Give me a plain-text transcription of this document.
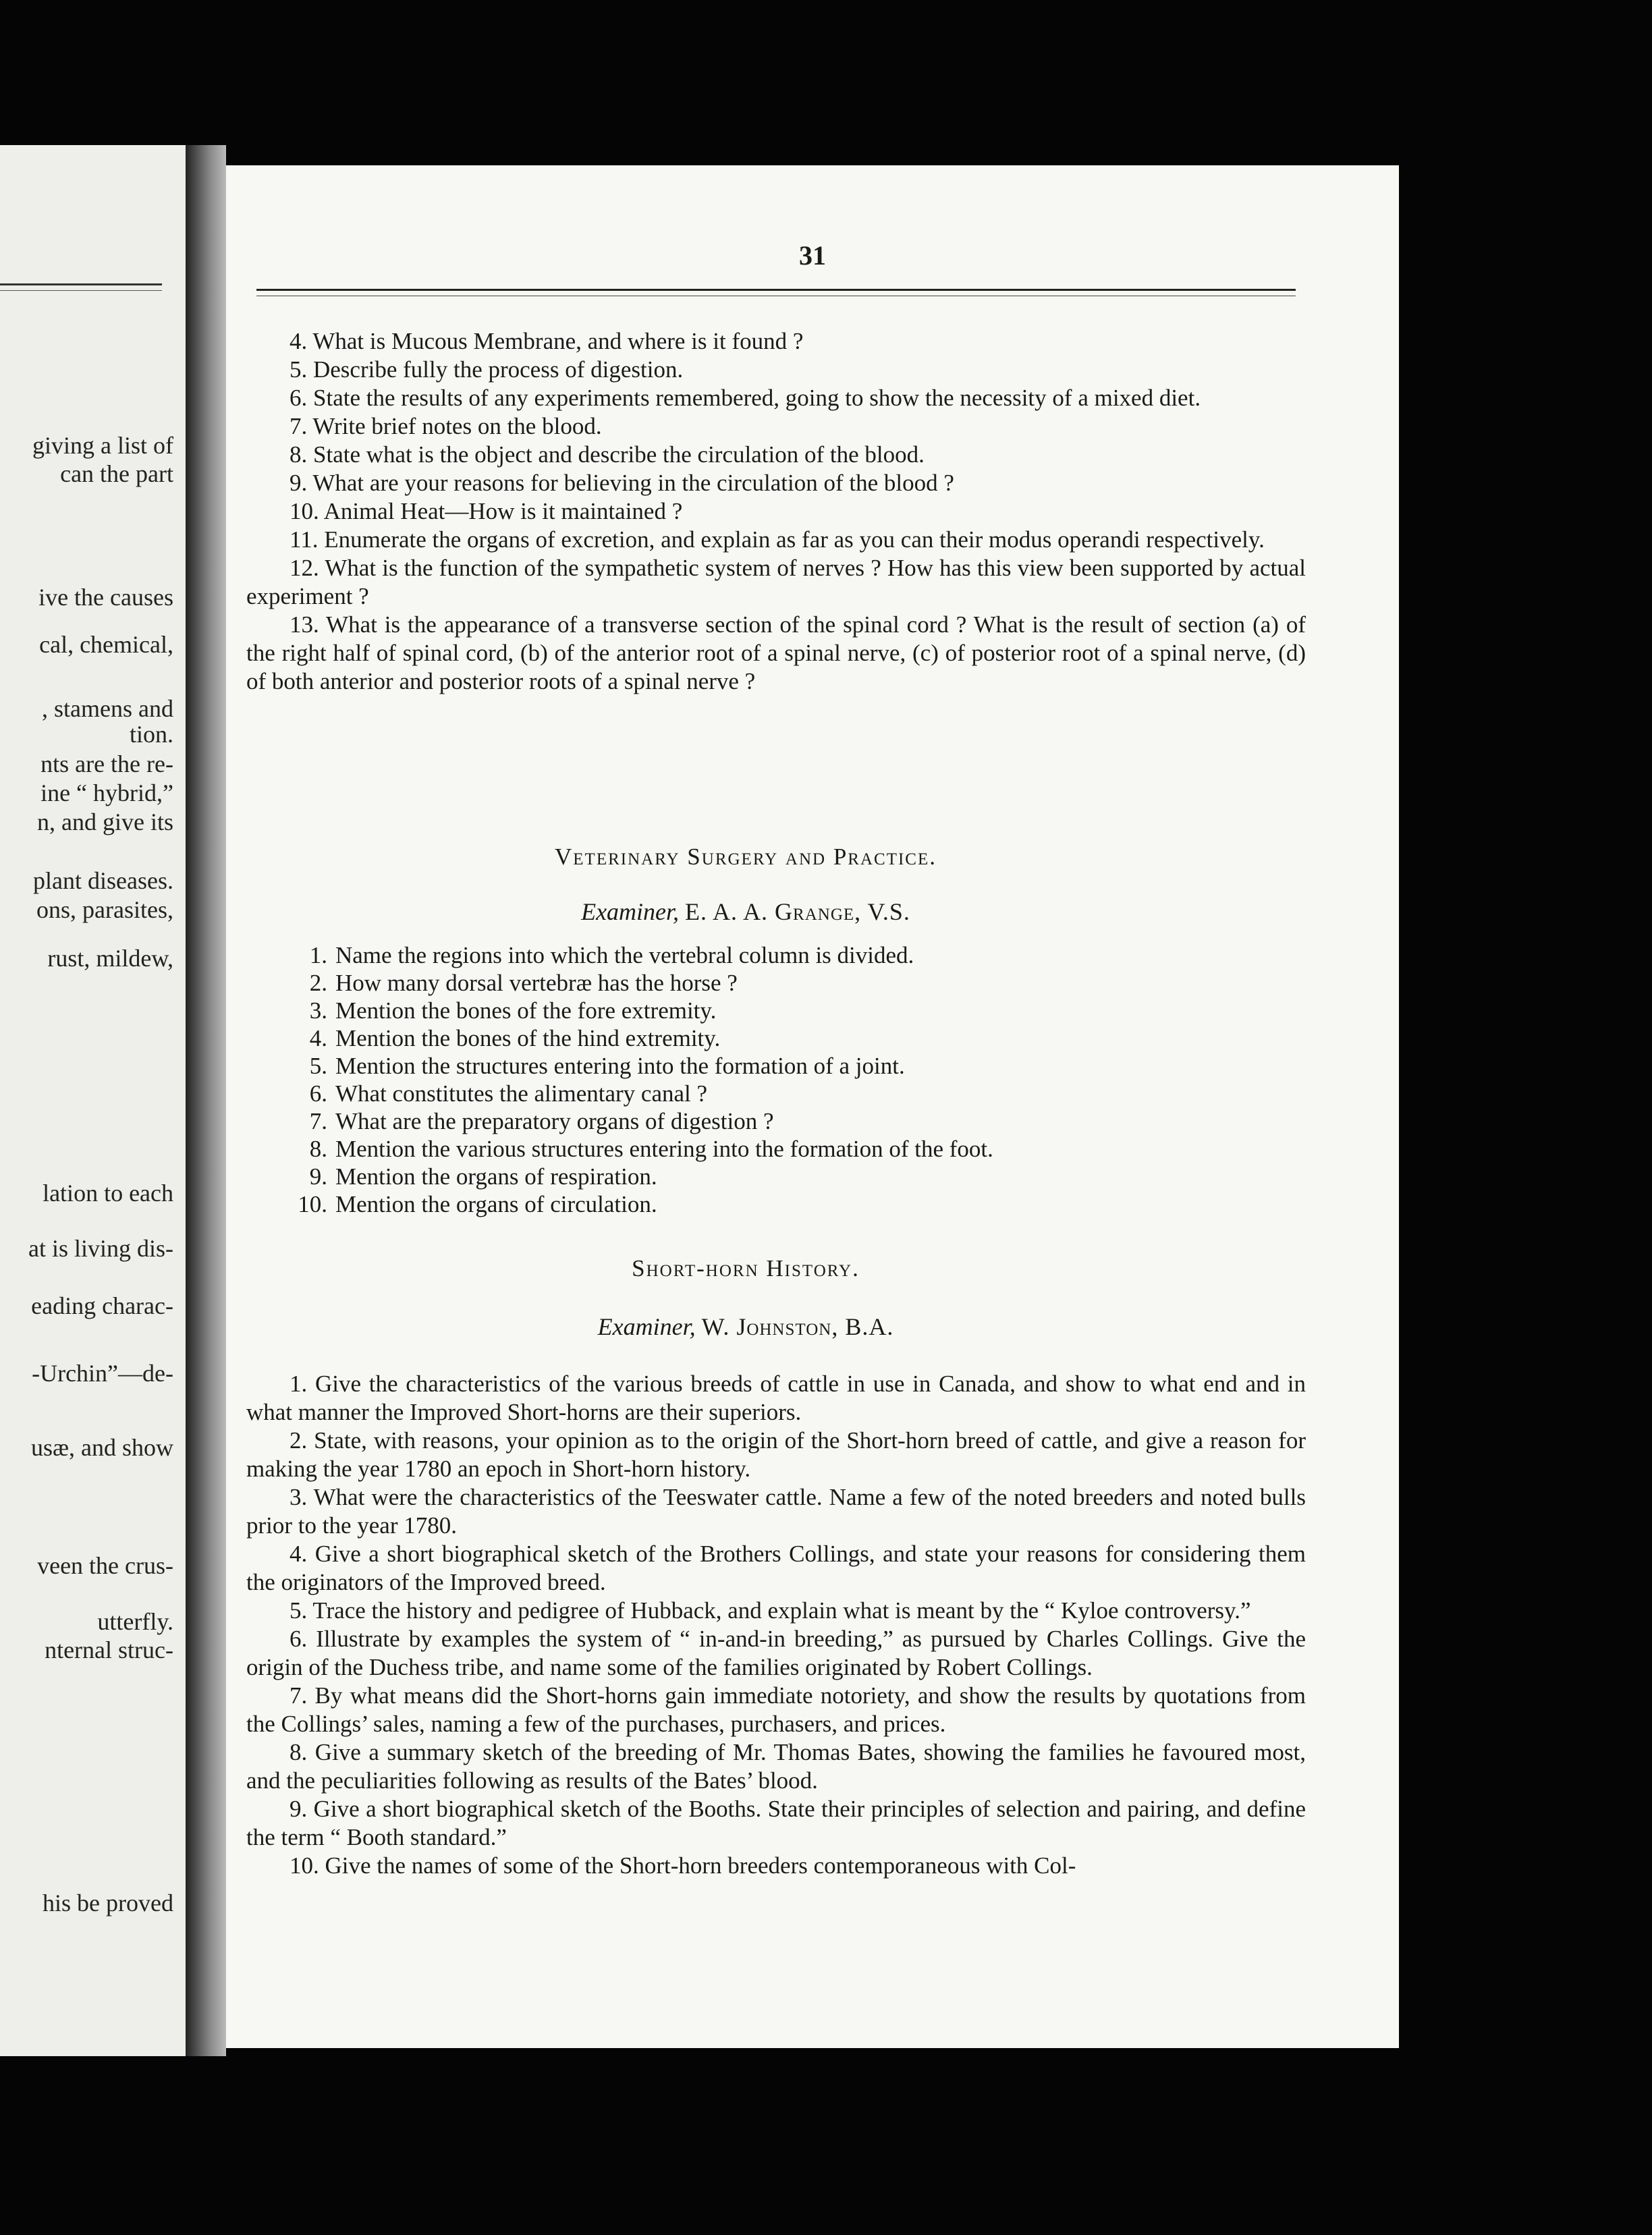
giving a list of
can the part
ive the causes
cal, chemical,
, stamens and
tion.
nts are the re-
ine “ hybrid,”
n, and give its
plant diseases.
ons, parasites,
rust, mildew,
lation to each
at is living dis-
eading charac-
-Urchin”—de-
usæ, and show
veen the crus-
utterfly.
nternal struc-
his be proved
31

4. What is Mucous Membrane, and where is it found ?

5. Describe fully the process of digestion.

6. State the results of any experiments remembered, going to show the necessity of a mixed diet.

7. Write brief notes on the blood.

8. State what is the object and describe the circulation of the blood.

9. What are your reasons for believing in the circulation of the blood ?

10. Animal Heat—How is it maintained ?

11. Enumerate the organs of excretion, and explain as far as you can their modus operandi respectively.

12. What is the function of the sympathetic system of nerves ? How has this view been supported by actual experiment ?

13. What is the appearance of a transverse section of the spinal cord ? What is the result of section (a) of the right half of spinal cord, (b) of the anterior root of a spinal nerve, (c) of posterior root of a spinal nerve, (d) of both anterior and posterior roots of a spinal nerve ?

Veterinary Surgery and Practice.
Examiner, E. A. A. Grange, V.S.
1. Name the regions into which the vertebral column is divided.
2. How many dorsal vertebræ has the horse ?
3. Mention the bones of the fore extremity.
4. Mention the bones of the hind extremity.
5. Mention the structures entering into the formation of a joint.
6. What constitutes the alimentary canal ?
7. What are the preparatory organs of digestion ?
8. Mention the various structures entering into the formation of the foot.
9. Mention the organs of respiration.
10. Mention the organs of circulation.
Short-horn History.
Examiner, W. Johnston, B.A.

1. Give the characteristics of the various breeds of cattle in use in Canada, and show to what end and in what manner the Improved Short-horns are their superiors.

2. State, with reasons, your opinion as to the origin of the Short-horn breed of cattle, and give a reason for making the year 1780 an epoch in Short-horn history.

3. What were the characteristics of the Teeswater cattle. Name a few of the noted breeders and noted bulls prior to the year 1780.

4. Give a short biographical sketch of the Brothers Collings, and state your reasons for considering them the originators of the Improved breed.

5. Trace the history and pedigree of Hubback, and explain what is meant by the “ Kyloe controversy.”

6. Illustrate by examples the system of “ in-and-in breeding,” as pursued by Charles Collings. Give the origin of the Duchess tribe, and name some of the families originated by Robert Collings.

7. By what means did the Short-horns gain immediate notoriety, and show the results by quotations from the Collings’ sales, naming a few of the purchases, purchasers, and prices.

8. Give a summary sketch of the breeding of Mr. Thomas Bates, showing the families he favoured most, and the peculiarities following as results of the Bates’ blood.

9. Give a short biographical sketch of the Booths. State their principles of selection and pairing, and define the term “ Booth standard.”

10. Give the names of some of the Short-horn breeders contemporaneous with Col-
